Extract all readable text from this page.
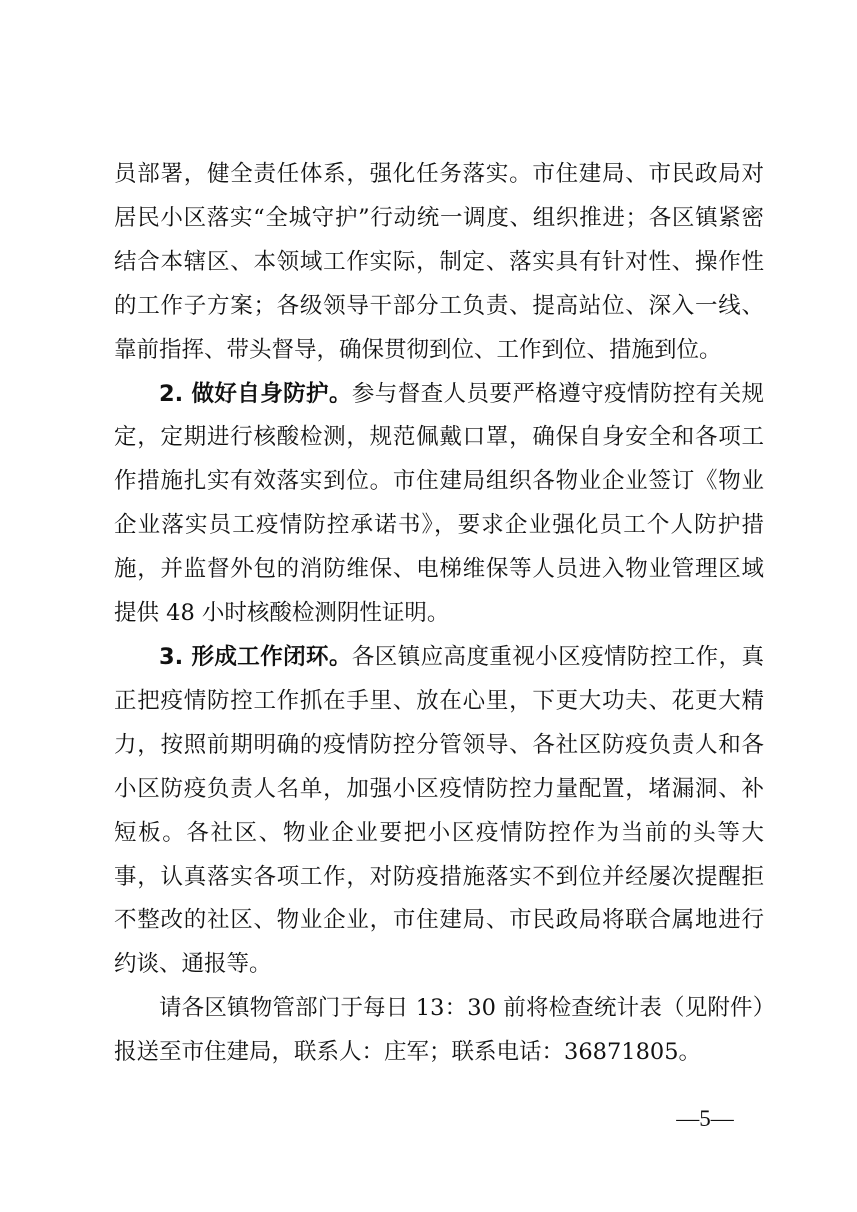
员部署，健全责任体系，强化任务落实。市住建局、市民政局对居民小区落实“全城守护”行动统一调度、组织推进；各区镇紧密结合本辖区、本领域工作实际，制定、落实具有针对性、操作性的工作子方案；各级领导干部分工负责、提高站位、深入一线、靠前指挥、带头督导，确保贯彻到位、工作到位、措施到位。

2. 做好自身防护。参与督查人员要严格遵守疫情防控有关规定，定期进行核酸检测，规范佩戴口罩，确保自身安全和各项工作措施扎实有效落实到位。市住建局组织各物业企业签订《物业企业落实员工疫情防控承诺书》，要求企业强化员工个人防护措施，并监督外包的消防维保、电梯维保等人员进入物业管理区域提供 48 小时核酸检测阴性证明。

3. 形成工作闭环。各区镇应高度重视小区疫情防控工作，真正把疫情防控工作抓在手里、放在心里，下更大功夫、花更大精力，按照前期明确的疫情防控分管领导、各社区防疫负责人和各小区防疫负责人名单，加强小区疫情防控力量配置，堵漏洞、补短板。各社区、物业企业要把小区疫情防控作为当前的头等大事，认真落实各项工作，对防疫措施落实不到位并经屡次提醒拒不整改的社区、物业企业，市住建局、市民政局将联合属地进行约谈、通报等。

请各区镇物管部门于每日 13：30 前将检查统计表（见附件）报送至市住建局，联系人：庄军；联系电话：36871805。

—5—
